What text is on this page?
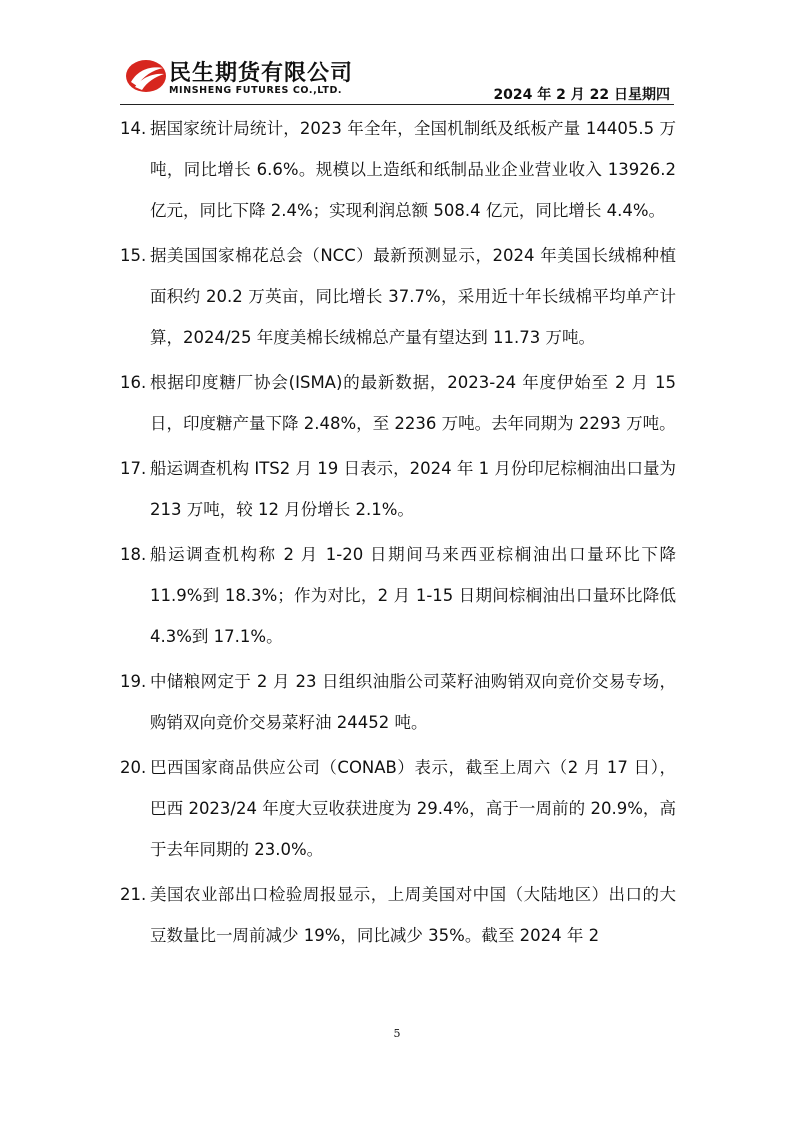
民生期货有限公司
MINSHENG FUTURES CO.,LTD.	2024 年 2 月 22 日星期四
14. 据国家统计局统计，2023 年全年，全国机制纸及纸板产量 14405.5 万吨，同比增长 6.6%。规模以上造纸和纸制品业企业营业收入 13926.2 亿元，同比下降 2.4%；实现利润总额 508.4 亿元，同比增长 4.4%。
15. 据美国国家棉花总会（NCC）最新预测显示，2024 年美国长绒棉种植面积约 20.2 万英亩，同比增长 37.7%，采用近十年长绒棉平均单产计算，2024/25 年度美棉长绒棉总产量有望达到 11.73 万吨。
16. 根据印度糖厂协会(ISMA)的最新数据，2023-24 年度伊始至 2 月 15 日，印度糖产量下降 2.48%，至 2236 万吨。去年同期为 2293 万吨。
17. 船运调查机构 ITS2 月 19 日表示，2024 年 1 月份印尼棕榈油出口量为 213 万吨，较 12 月份增长 2.1%。
18. 船运调查机构称 2 月 1-20 日期间马来西亚棕榈油出口量环比下降 11.9%到 18.3%；作为对比，2 月 1-15 日期间棕榈油出口量环比降低 4.3%到 17.1%。
19. 中储粮网定于 2 月 23 日组织油脂公司菜籽油购销双向竞价交易专场，购销双向竞价交易菜籽油 24452 吨。
20. 巴西国家商品供应公司（CONAB）表示，截至上周六（2 月 17 日），巴西 2023/24 年度大豆收获进度为 29.4%，高于一周前的 20.9%，高于去年同期的 23.0%。
21. 美国农业部出口检验周报显示，上周美国对中国（大陆地区）出口的大豆数量比一周前减少 19%，同比减少 35%。截至 2024 年 2
5
